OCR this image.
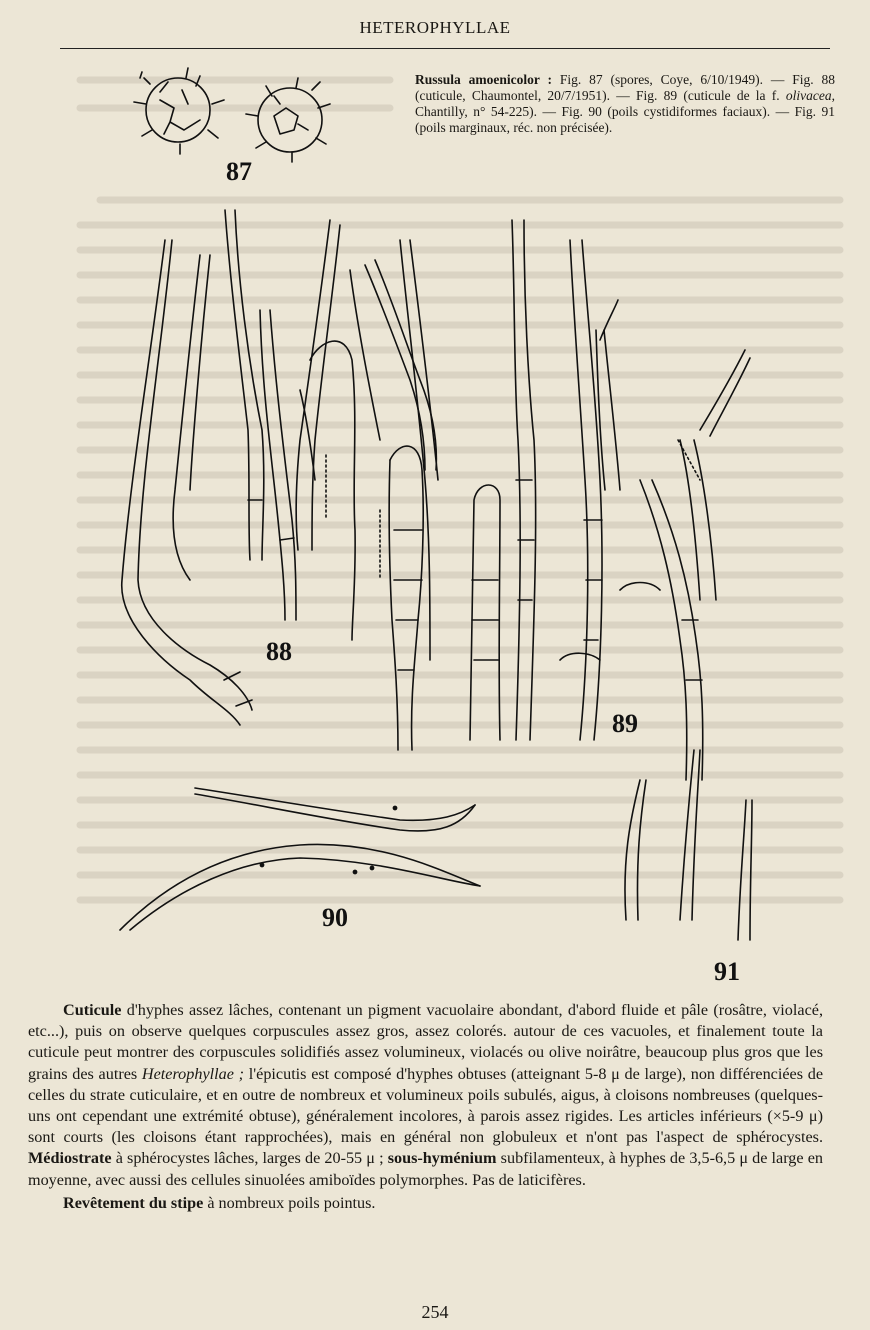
HETEROPHYLLAE
87
88
89
90
91
Russula amoenicolor : Fig. 87 (spores, Coye, 6/10/1949). — Fig. 88 (cuticule, Chaumontel, 20/7/1951). — Fig. 89 (cuticule de la f. olivacea, Chantilly, n° 54-225). — Fig. 90 (poils cystidiformes faciaux). — Fig. 91 (poils marginaux, réc. non précisée).

Cuticule d'hyphes assez lâches, contenant un pigment vacuolaire abondant, d'abord fluide et pâle (rosâtre, violacé, etc...), puis on observe quelques corpuscules assez gros, assez colorés. autour de ces vacuoles, et finalement toute la cuticule peut montrer des corpuscules solidifiés assez volumineux, violacés ou olive noirâtre, beaucoup plus gros que les grains des autres Heterophyllae ; l'épicutis est composé d'hyphes obtuses (atteignant 5-8 μ de large), non différenciées de celles du strate cuticulaire, et en outre de nombreux et volumineux poils subulés, aigus, à cloisons nombreuses (quelques-uns ont cependant une extrémité obtuse), généralement incolores, à parois assez rigides. Les articles inférieurs (×5-9 μ) sont courts (les cloisons étant rapprochées), mais en général non globuleux et n'ont pas l'aspect de sphérocystes. Médiostrate à sphérocystes lâches, larges de 20-55 μ ; sous-hyménium subfilamenteux, à hyphes de 3,5-6,5 μ de large en moyenne, avec aussi des cellules sinuolées amiboïdes polymorphes. Pas de laticifères.

Revêtement du stipe à nombreux poils pointus.

254
